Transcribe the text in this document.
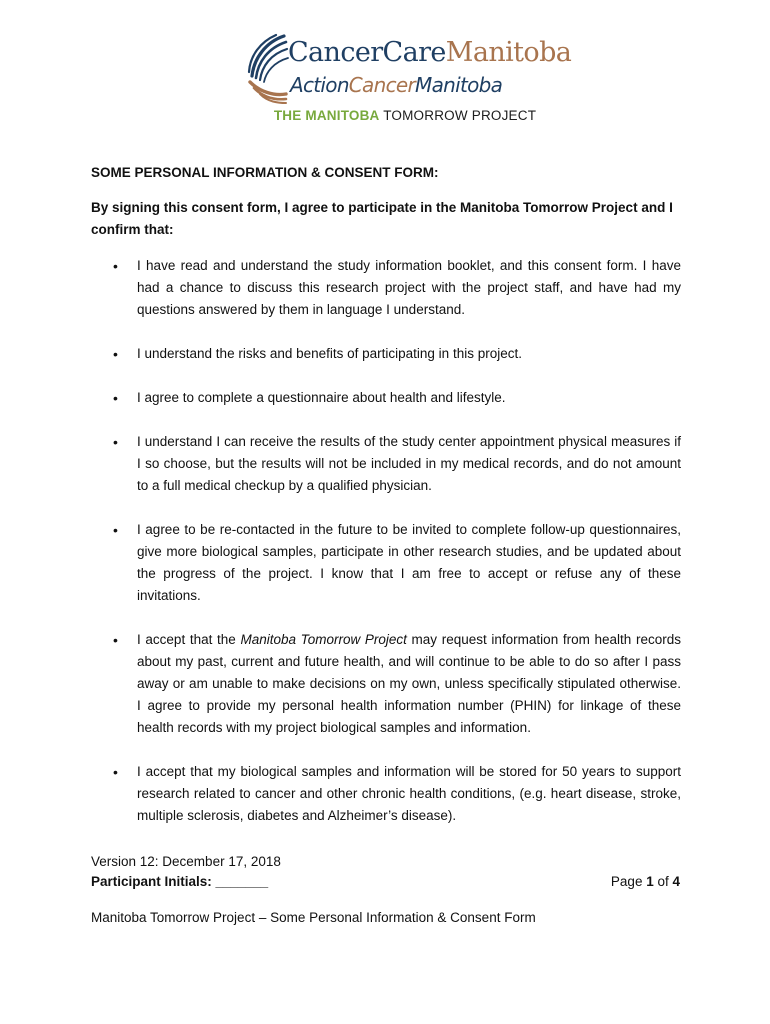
CancerCareManitoba
ActionCancerManitoba
THE MANITOBA TOMORROW PROJECT
SOME PERSONAL INFORMATION & CONSENT FORM:
By signing this consent form, I agree to participate in the Manitoba Tomorrow Project and I confirm that:
• I have read and understand the study information booklet, and this consent form. I have had a chance to discuss this research project with the project staff, and have had my questions answered by them in language I understand.
• I understand the risks and benefits of participating in this project.
• I agree to complete a questionnaire about health and lifestyle.
• I understand I can receive the results of the study center appointment physical measures if I so choose, but the results will not be included in my medical records, and do not amount to a full medical checkup by a qualified physician.
• I agree to be re-contacted in the future to be invited to complete follow-up questionnaires, give more biological samples, participate in other research studies, and be updated about the progress of the project. I know that I am free to accept or refuse any of these invitations.
• I accept that the Manitoba Tomorrow Project may request information from health records about my past, current and future health, and will continue to be able to do so after I pass away or am unable to make decisions on my own, unless specifically stipulated otherwise. I agree to provide my personal health information number (PHIN) for linkage of these health records with my project biological samples and information.
• I accept that my biological samples and information will be stored for 50 years to support research related to cancer and other chronic health conditions, (e.g. heart disease, stroke, multiple sclerosis, diabetes and Alzheimer’s disease).
Version 12: December 17, 2018
Participant Initials: _______	Page 1 of 4
Manitoba Tomorrow Project – Some Personal Information & Consent Form
